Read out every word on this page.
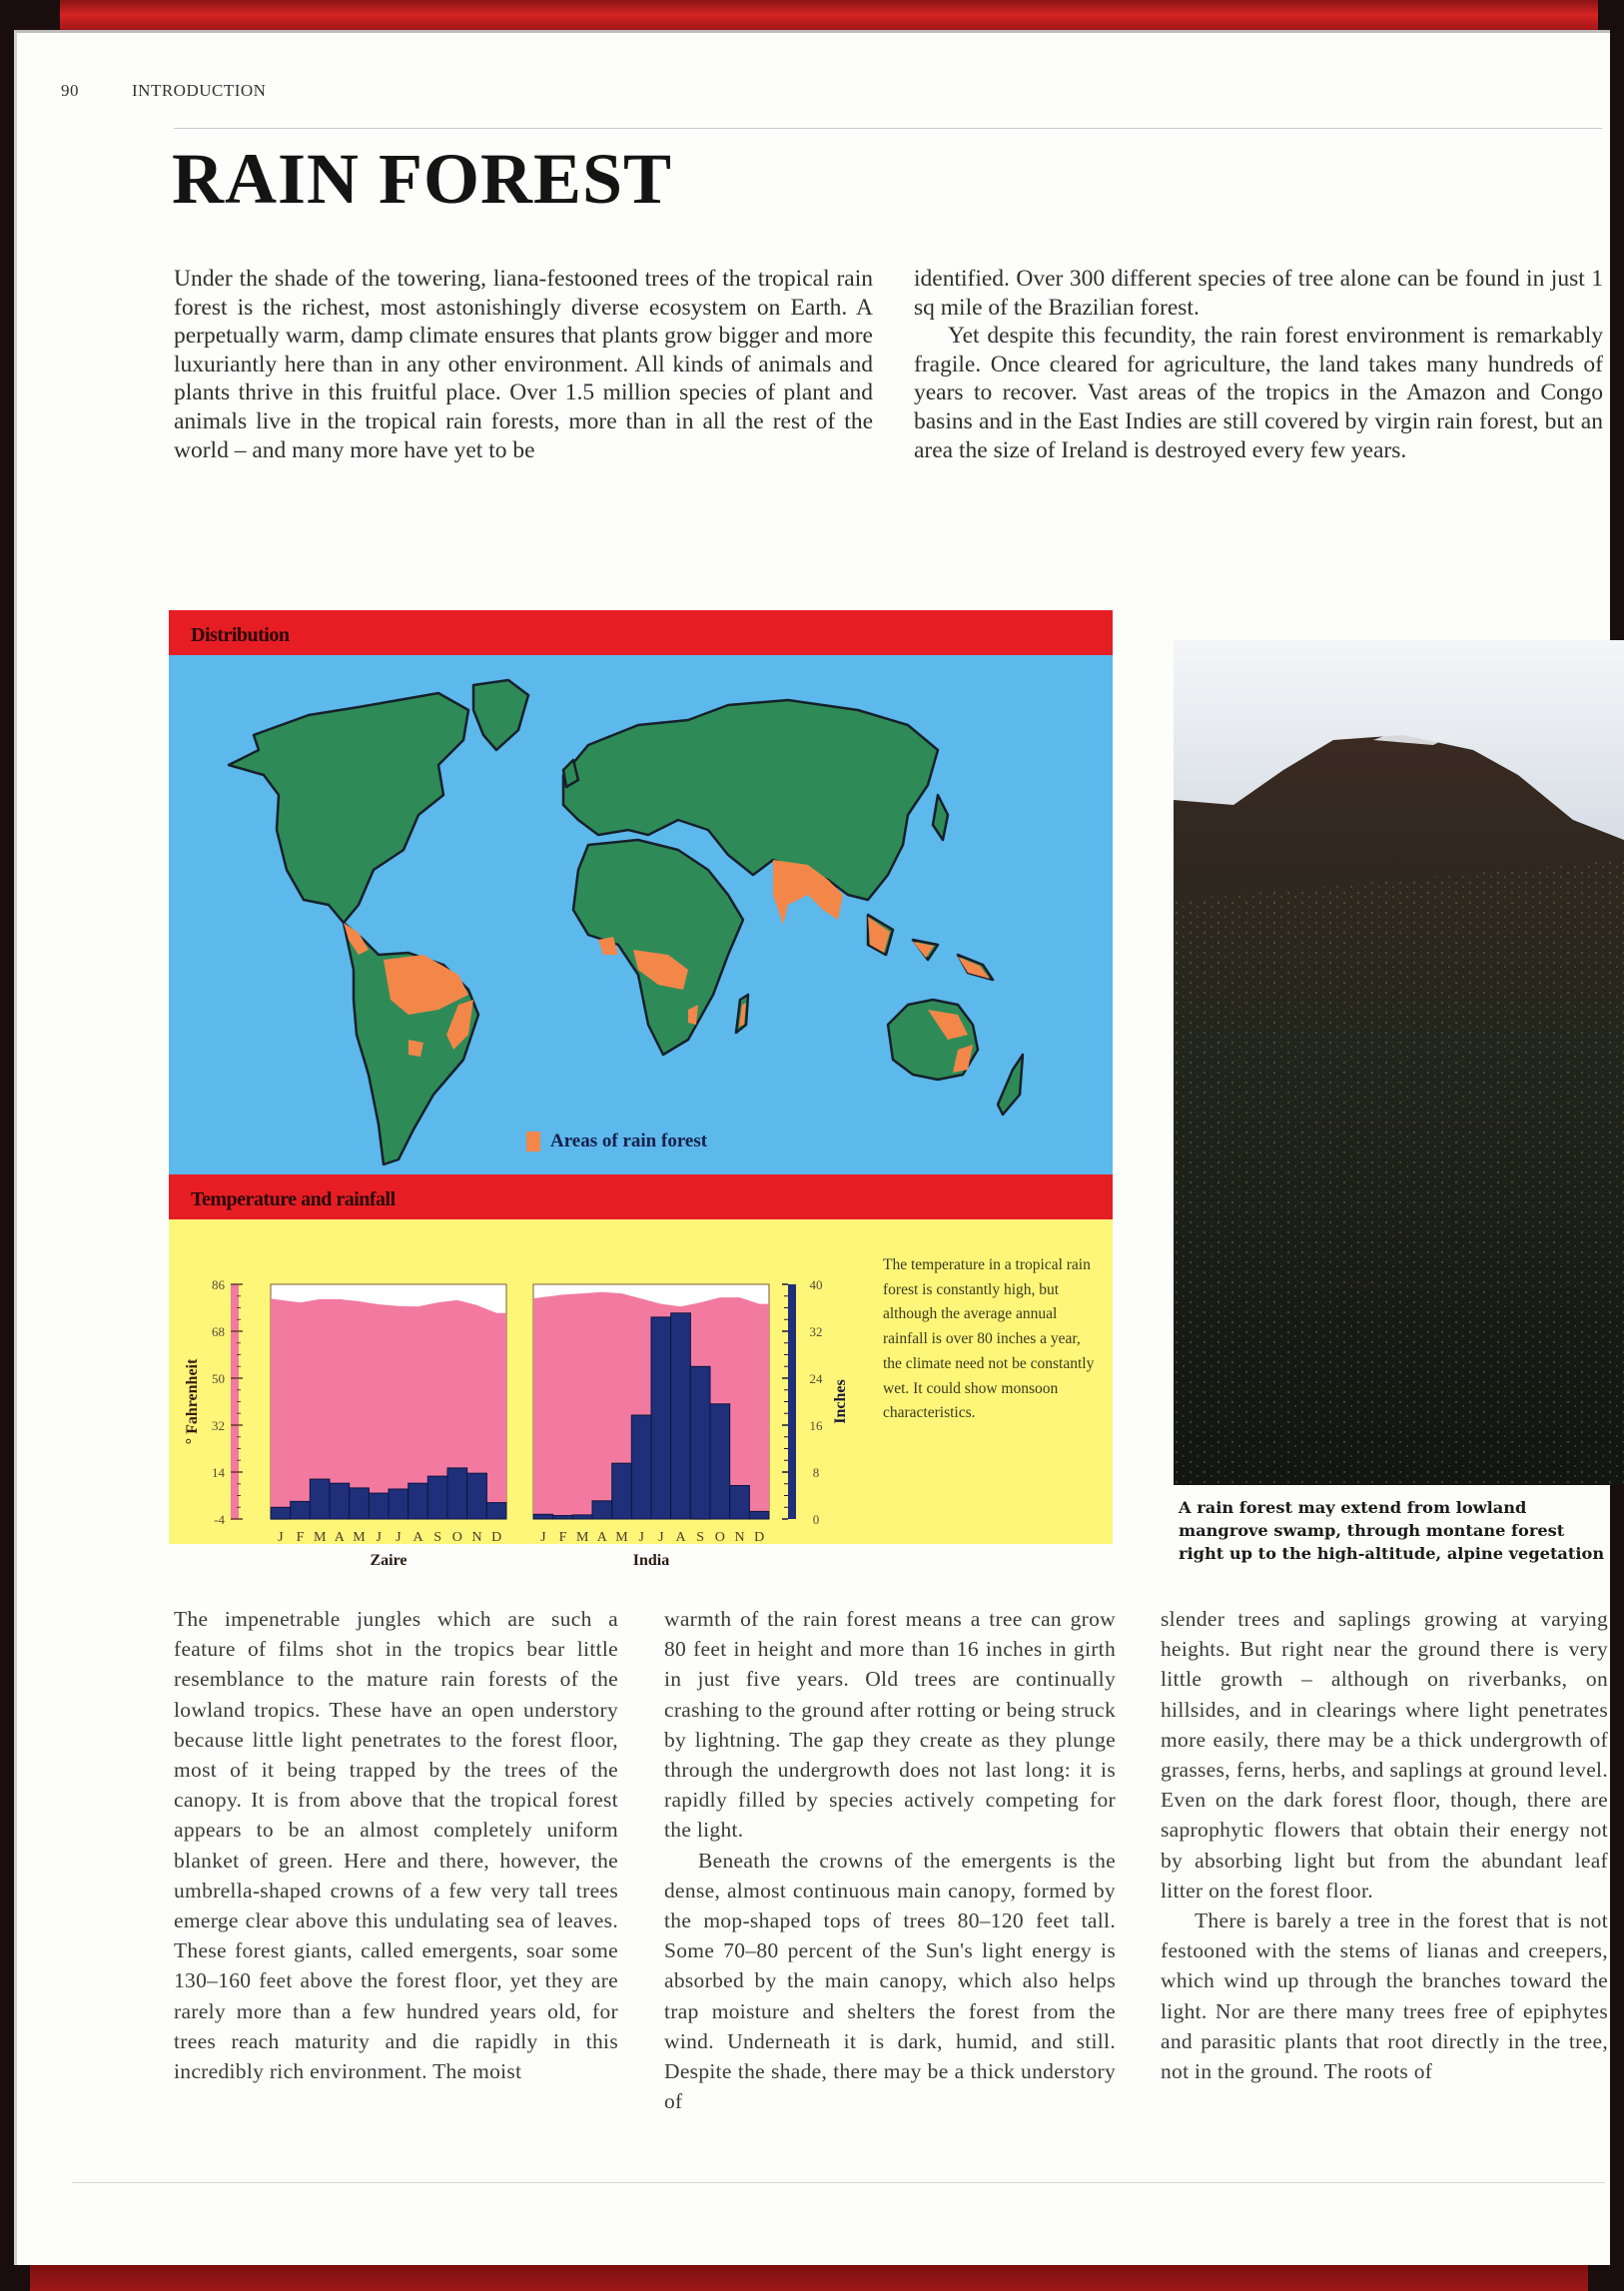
90	INTRODUCTION
RAIN FOREST

Under the shade of the towering, liana-festooned trees of the tropical rain forest is the richest, most astonishingly diverse ecosystem on Earth. A perpetually warm, damp climate ensures that plants grow bigger and more luxuriantly here than in any other environment. All kinds of animals and plants thrive in this fruitful place. Over 1.5 million species of plant and animals live in the tropical rain forests, more than in all the rest of the world – and many more have yet to be

identified. Over 300 different species of tree alone can be found in just 1 sq mile of the Brazilian forest.

Yet despite this fecundity, the rain forest environment is remarkably fragile. Once cleared for agriculture, the land takes many hundreds of years to recover. Vast areas of the tropics in the Amazon and Congo basins and in the East Indies are still covered by virgin rain forest, but an area the size of Ireland is destroyed every few years.

Distribution
Areas of rain forest
Temperature and rainfall
86
68
50
32
14
-4
° Fahrenheit
J F M A M J J A S O N D
Zaire
J F M A M J J A S O N D
India
40
32
24
16
8
0
Inches
The temperature in a tropical rain forest is constantly high, but although the average annual rainfall is over 80 inches a year, the climate need not be constantly wet. It could show monsoon characteristics.
A rain forest may extend from lowland mangrove swamp, through montane forest right up to the high-altitude, alpine vegetation

The impenetrable jungles which are such a feature of films shot in the tropics bear little resemblance to the mature rain forests of the lowland tropics. These have an open understory because little light penetrates to the forest floor, most of it being trapped by the trees of the canopy. It is from above that the tropical forest appears to be an almost completely uniform blanket of green. Here and there, however, the umbrella-shaped crowns of a few very tall trees emerge clear above this undulating sea of leaves. These forest giants, called emergents, soar some 130–160 feet above the forest floor, yet they are rarely more than a few hundred years old, for trees reach maturity and die rapidly in this incredibly rich environment. The moist

warmth of the rain forest means a tree can grow 80 feet in height and more than 16 inches in girth in just five years. Old trees are continually crashing to the ground after rotting or being struck by lightning. The gap they create as they plunge through the undergrowth does not last long: it is rapidly filled by species actively competing for the light.

Beneath the crowns of the emergents is the dense, almost continuous main canopy, formed by the mop-shaped tops of trees 80–120 feet tall. Some 70–80 percent of the Sun's light energy is absorbed by the main canopy, which also helps trap moisture and shelters the forest from the wind. Underneath it is dark, humid, and still. Despite the shade, there may be a thick understory of

slender trees and saplings growing at varying heights. But right near the ground there is very little growth – although on riverbanks, on hillsides, and in clearings where light penetrates more easily, there may be a thick undergrowth of grasses, ferns, herbs, and saplings at ground level. Even on the dark forest floor, though, there are saprophytic flowers that obtain their energy not by absorbing light but from the abundant leaf litter on the forest floor.

There is barely a tree in the forest that is not festooned with the stems of lianas and creepers, which wind up through the branches toward the light. Nor are there many trees free of epiphytes and parasitic plants that root directly in the tree, not in the ground. The roots of
